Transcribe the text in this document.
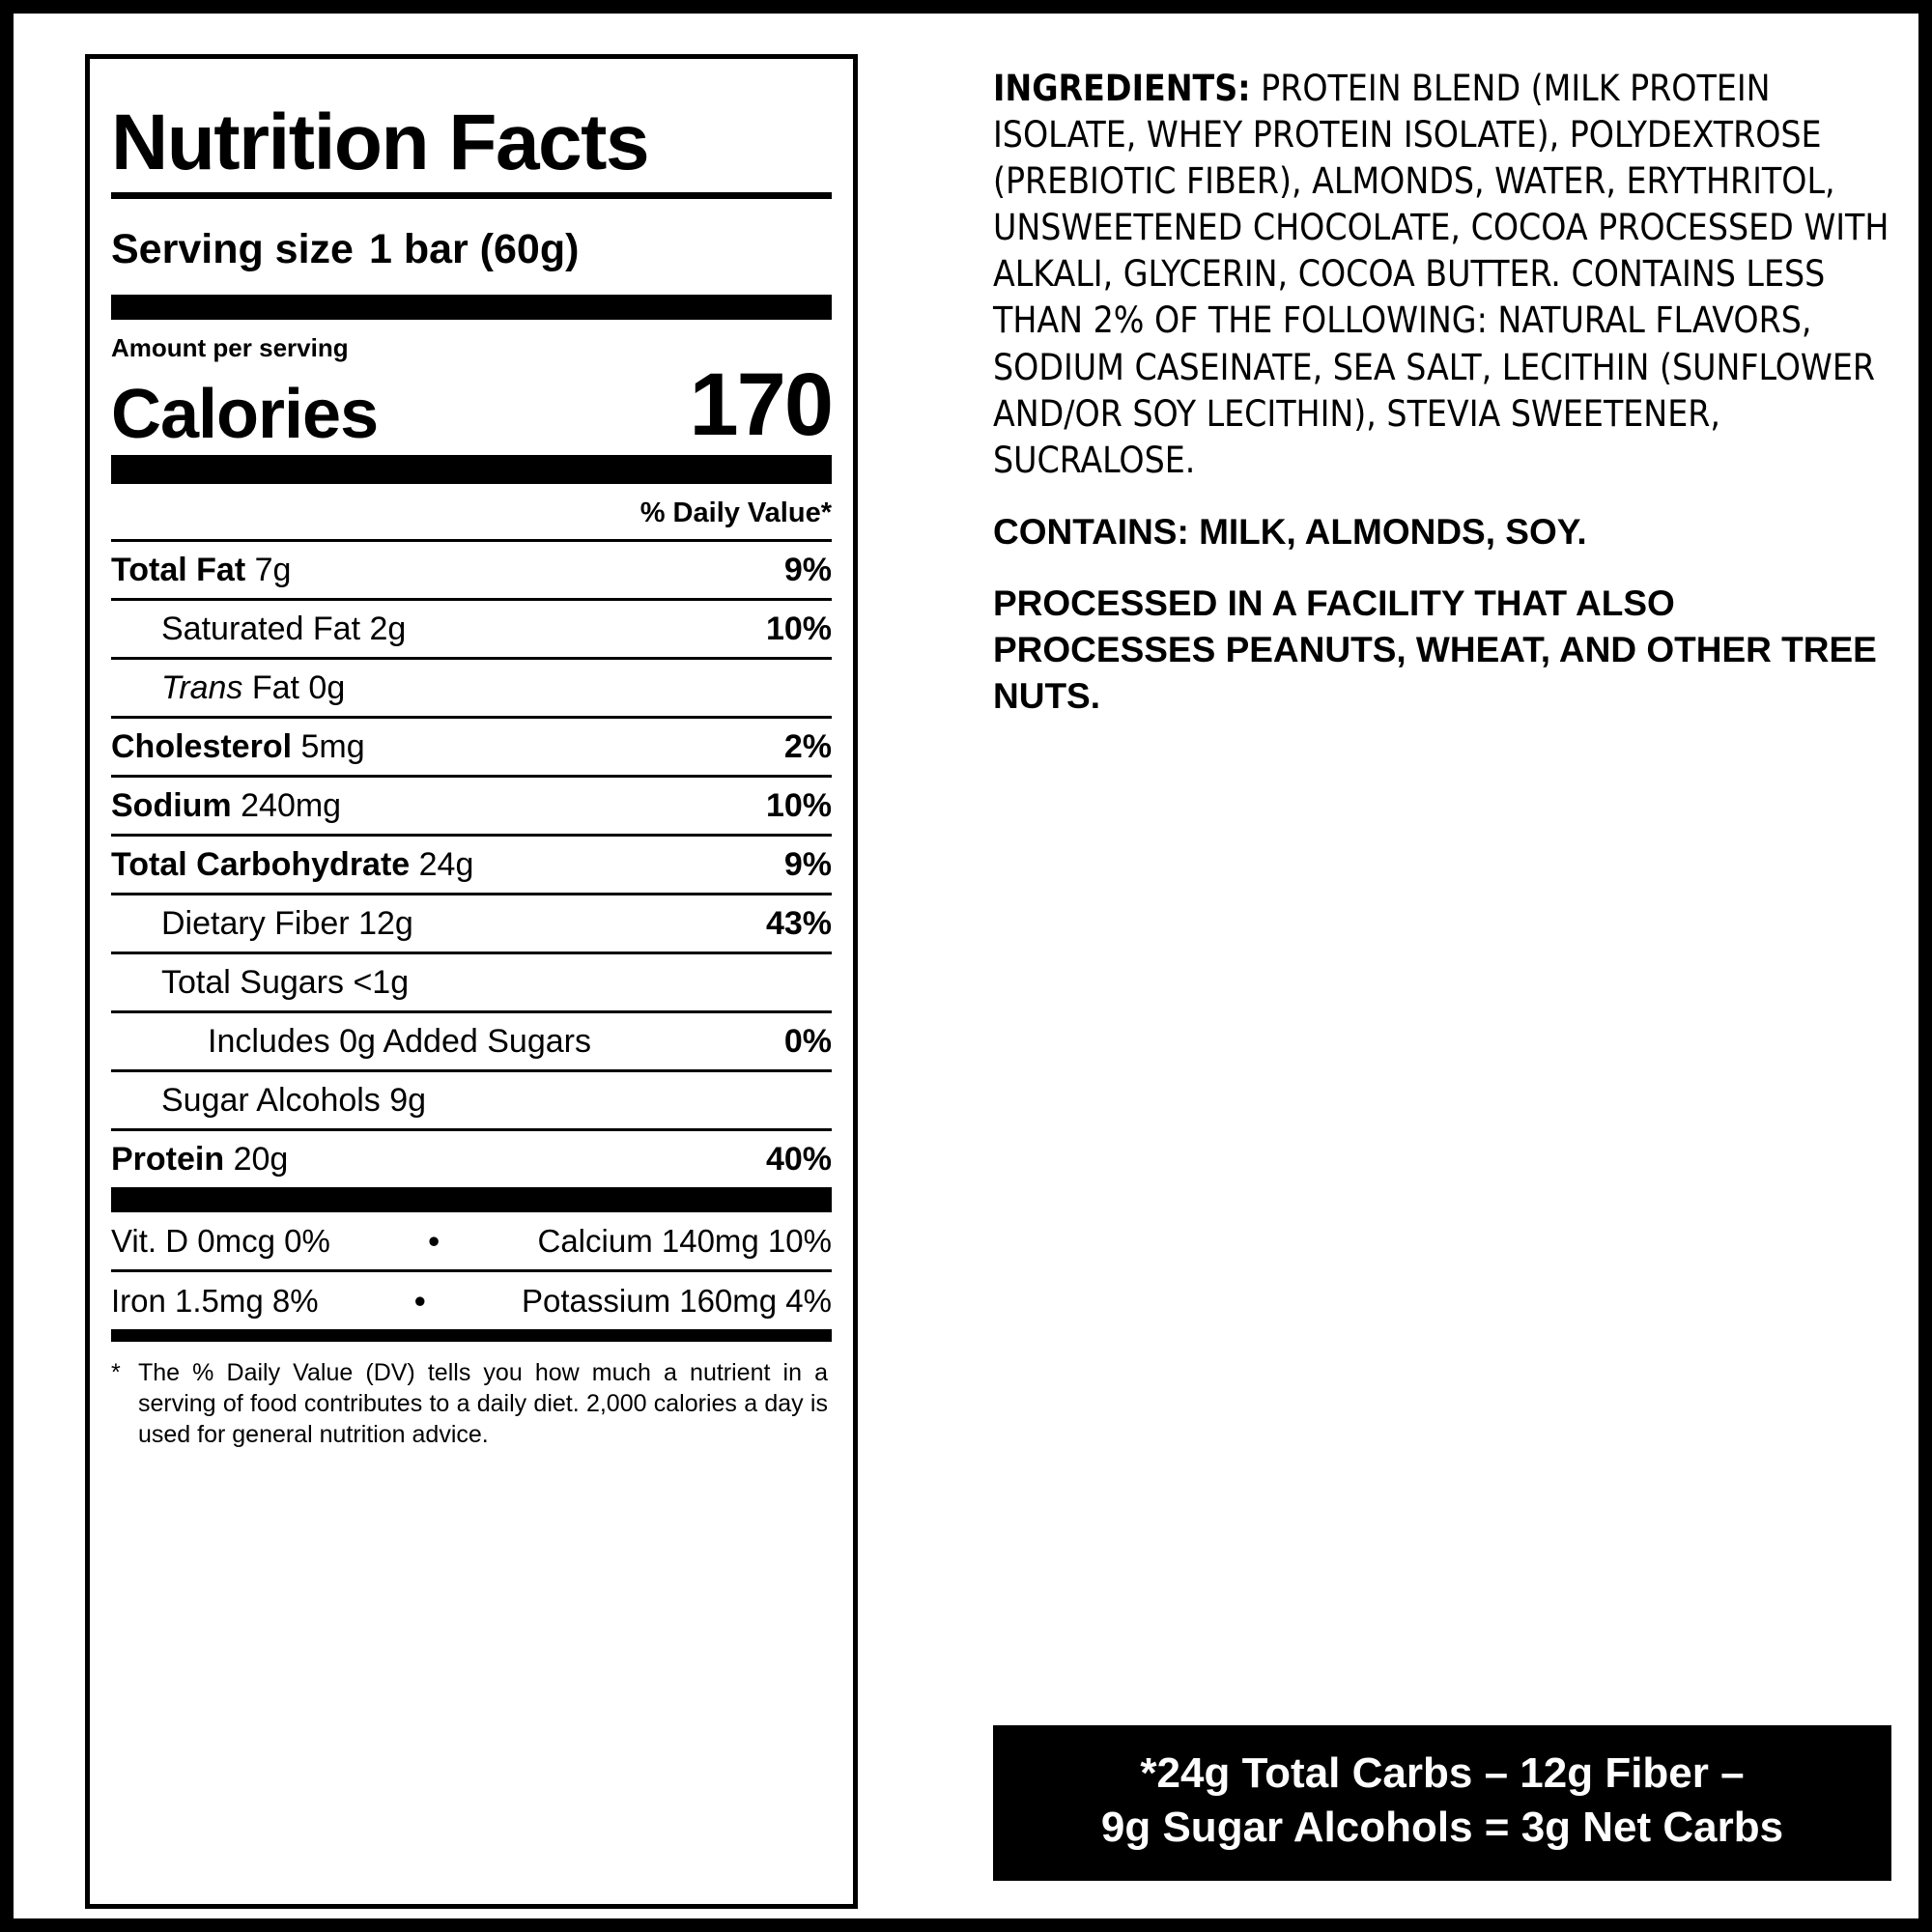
Nutrition Facts
Serving size 1 bar (60g)
Amount per serving
Calories	170
% Daily Value*
Total Fat 7g	9%
Saturated Fat 2g	10%
Trans Fat 0g
Cholesterol 5mg	2%
Sodium 240mg	10%
Total Carbohydrate 24g	9%
Dietary Fiber 12g	43%
Total Sugars <1g
Includes 0g Added Sugars	0%
Sugar Alcohols 9g
Protein 20g	40%
Vit. D 0mcg 0%	•	Calcium 140mg 10%
Iron 1.5mg 8%	•	Potassium 160mg 4%
* The % Daily Value (DV) tells you how much a nutrient in a serving of food contributes to a daily diet. 2,000 calories a day is used for general nutrition advice.
INGREDIENTS: PROTEIN BLEND (MILK PROTEIN ISOLATE, WHEY PROTEIN ISOLATE), POLYDEXTROSE (PREBIOTIC FIBER), ALMONDS, WATER, ERYTHRITOL, UNSWEETENED CHOCOLATE, COCOA PROCESSED WITH ALKALI, GLYCERIN, COCOA BUTTER. CONTAINS LESS THAN 2% OF THE FOLLOWING: NATURAL FLAVORS, SODIUM CASEINATE, SEA SALT, LECITHIN (SUNFLOWER AND/OR SOY LECITHIN), STEVIA SWEETENER, SUCRALOSE.
CONTAINS: MILK, ALMONDS, SOY.
PROCESSED IN A FACILITY THAT ALSO PROCESSES PEANUTS, WHEAT, AND OTHER TREE NUTS.
*24g Total Carbs – 12g Fiber –
9g Sugar Alcohols = 3g Net Carbs
